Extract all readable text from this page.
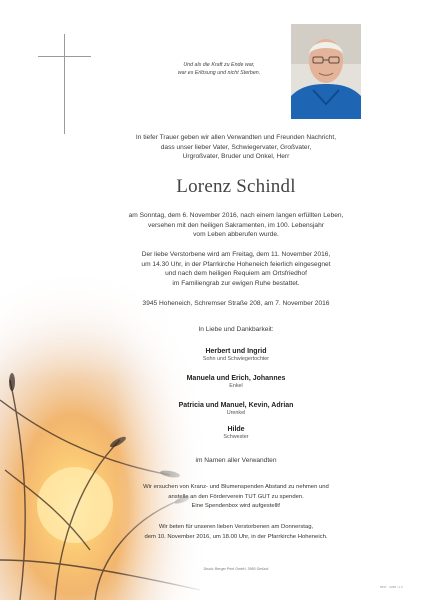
Und als die Kraft zu Ende war,
war es Erlösung und nicht Sterben.
In tiefer Trauer geben wir allen Verwandten und Freunden Nachricht,
dass unser lieber Vater, Schwiegervater, Großvater,
Urgroßvater, Bruder und Onkel, Herr
Lorenz Schindl
am Sonntag, dem 6. November 2016, nach einem langen erfüllten Leben,
versehen mit den heiligen Sakramenten, im 100. Lebensjahr
vom Leben abberufen wurde.
Der liebe Verstorbene wird am Freitag, dem 11. November 2016,
um 14.30 Uhr, in der Pfarrkirche Hoheneich feierlich eingesegnet
und nach dem heiligen Requiem am Ortsfriedhof
im Familiengrab zur ewigen Ruhe bestattet.
3945 Hoheneich, Schremser Straße 208, am 7. November 2016
In Liebe und Dankbarkeit:
Herbert und Ingrid
Sohn und Schwiegertochter
Manuela und Erich, Johannes
Enkel
Patricia und Manuel, Kevin, Adrian
Urenkel
Hilde
Schwester
im Namen aller Verwandten
Wir ersuchen von Kranz- und Blumenspenden Abstand zu nehmen und
anstelle an den Förderverein TUT GUT zu spenden.
Eine Spendenbox wird aufgestellt!
Wir beten für unseren lieben Verstorbenen am Donnerstag,
dem 10. November 2016, um 18.00 Uhr, in der Pfarrkirche Hoheneich.
Druck: Berger Print GmbH, 3950 Gmünd
8837 · 0288 / 1.0
